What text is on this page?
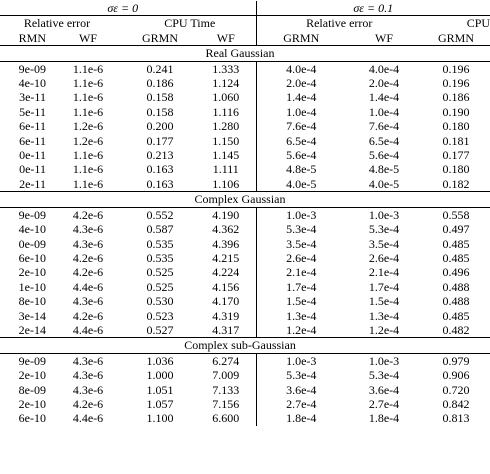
σε = 0				σε = 0.1		
Relative error		CPU Time		Relative error		CPU
RMN	WF	GRMN	WF	GRMN	WF	GRMN
Real Gaussian						
9e-09	1.1e-6	0.241	1.333	4.0e-4	4.0e-4	0.196
4e-10	1.1e-6	0.186	1.124	2.0e-4	2.0e-4	0.196
3e-11	1.1e-6	0.158	1.060	1.4e-4	1.4e-4	0.186
5e-11	1.1e-6	0.158	1.116	1.0e-4	1.0e-4	0.190
6e-11	1.2e-6	0.200	1.280	7.6e-4	7.6e-4	0.180
6e-11	1.2e-6	0.177	1.150	6.5e-4	6.5e-4	0.181
0e-11	1.1e-6	0.213	1.145	5.6e-4	5.6e-4	0.177
0e-11	1.1e-6	0.163	1.111	4.8e-5	4.8e-5	0.180
2e-11	1.1e-6	0.163	1.106	4.0e-5	4.0e-5	0.182
Complex Gaussian						
9e-09	4.2e-6	0.552	4.190	1.0e-3	1.0e-3	0.558
4e-10	4.3e-6	0.587	4.362	5.3e-4	5.3e-4	0.497
0e-09	4.3e-6	0.535	4.396	3.5e-4	3.5e-4	0.485
6e-10	4.2e-6	0.535	4.215	2.6e-4	2.6e-4	0.485
2e-10	4.2e-6	0.525	4.224	2.1e-4	2.1e-4	0.496
1e-10	4.4e-6	0.525	4.156	1.7e-4	1.7e-4	0.488
8e-10	4.3e-6	0.530	4.170	1.5e-4	1.5e-4	0.488
3e-14	4.2e-6	0.523	4.319	1.3e-4	1.3e-4	0.485
2e-14	4.4e-6	0.527	4.317	1.2e-4	1.2e-4	0.482
Complex sub-Gaussian						
9e-09	4.3e-6	1.036	6.274	1.0e-3	1.0e-3	0.979
2e-10	4.3e-6	1.000	7.009	5.3e-4	5.3e-4	0.906
8e-09	4.3e-6	1.051	7.133	3.6e-4	3.6e-4	0.720
2e-10	4.2e-6	1.057	7.156	2.7e-4	2.7e-4	0.842
6e-10	4.4e-6	1.100	6.600	1.8e-4	1.8e-4	0.813
